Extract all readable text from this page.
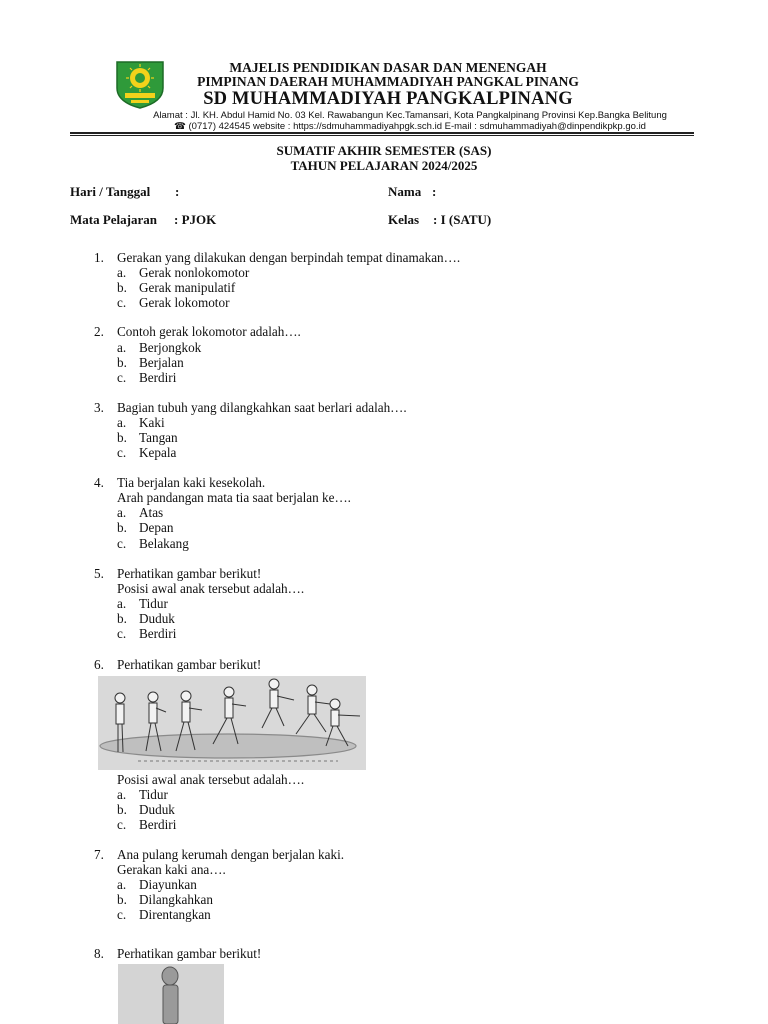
MAJELIS PENDIDIKAN DASAR DAN MENENGAH
PIMPINAN DAERAH MUHAMMADIYAH PANGKAL PINANG
SD MUHAMMADIYAH PANGKALPINANG
Alamat : Jl. KH. Abdul Hamid No. 03 Kel. Rawabangun Kec.Tamansari, Kota Pangkalpinang Provinsi Kep.Bangka Belitung
☎ (0717) 424545 website : https://sdmuhammadiyahpgk.sch.id E-mail : sdmuhammadiyah@dinpendikpkp.go.id
SUMATIF AKHIR SEMESTER (SAS)
TAHUN PELAJARAN 2024/2025
Hari / Tanggal :	Nama :
Mata Pelajaran : PJOK	Kelas : I (SATU)
1. Gerakan yang dilakukan dengan berpindah tempat dinamakan….
a. Gerak nonlokomotor
b. Gerak manipulatif
c. Gerak lokomotor
2. Contoh gerak lokomotor adalah….
a. Berjongkok
b. Berjalan
c. Berdiri
3. Bagian tubuh yang dilangkahkan saat berlari adalah….
a. Kaki
b. Tangan
c. Kepala
4. Tia berjalan kaki kesekolah.
Arah pandangan mata tia saat berjalan ke….
a. Atas
b. Depan
c. Belakang
5. Perhatikan gambar berikut!
Posisi awal anak tersebut adalah….
a. Tidur
b. Duduk
c. Berdiri
6. Perhatikan gambar berikut!
Posisi awal anak tersebut adalah….
a. Tidur
b. Duduk
c. Berdiri
7. Ana pulang kerumah dengan berjalan kaki.
Gerakan kaki ana….
a. Diayunkan
b. Dilangkahkan
c. Direntangkan
8. Perhatikan gambar berikut!
